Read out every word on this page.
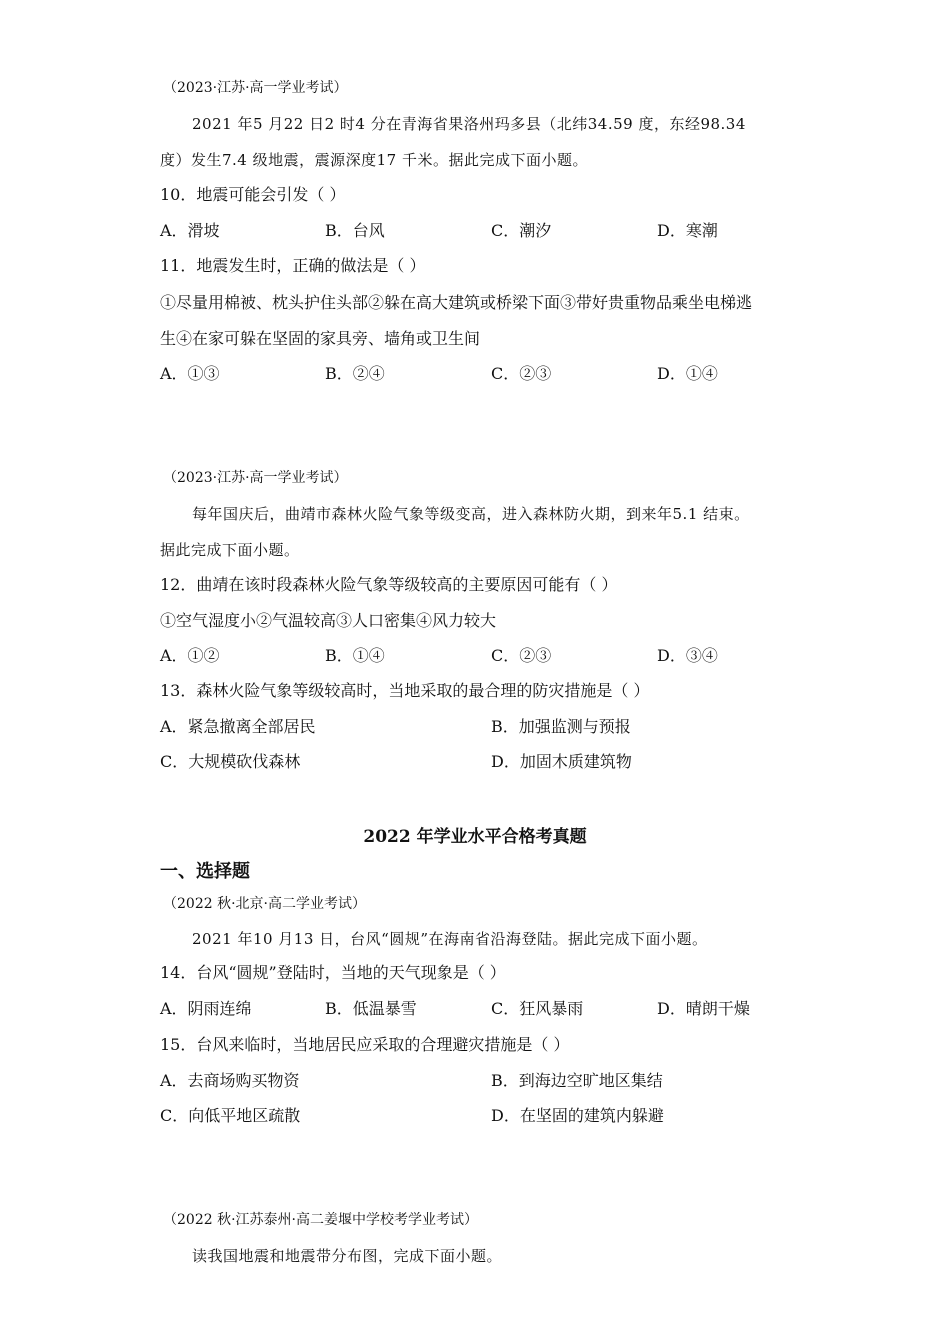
（2023·江苏·高一学业考试）
2021 年5 月22 日2 时4 分在青海省果洛州玛多县（北纬34.59 度，东经98.34
度）发生7.4 级地震，震源深度17 千米。据此完成下面小题。
10．地震可能会引发（ ）
A．滑坡	B．台风	C．潮汐	D．寒潮
11．地震发生时，正确的做法是（ ）
①尽量用棉被、枕头护住头部②躲在高大建筑或桥梁下面③带好贵重物品乘坐电梯逃
生④在家可躲在坚固的家具旁、墙角或卫生间
A．①③	B．②④	C．②③	D．①④
（2023·江苏·高一学业考试）
每年国庆后，曲靖市森林火险气象等级变高，进入森林防火期，到来年5.1 结束。
据此完成下面小题。
12．曲靖在该时段森林火险气象等级较高的主要原因可能有（ ）
①空气湿度小②气温较高③人口密集④风力较大
A．①②	B．①④	C．②③	D．③④
13．森林火险气象等级较高时，当地采取的最合理的防灾措施是（ ）
A．紧急撤离全部居民	B．加强监测与预报
C．大规模砍伐森林	D．加固木质建筑物
2022 年学业水平合格考真题
一、选择题
（2022 秋·北京·高二学业考试）
2021 年10 月13 日，台风“圆规”在海南省沿海登陆。据此完成下面小题。
14．台风“圆规”登陆时，当地的天气现象是（ ）
A．阴雨连绵	B．低温暴雪	C．狂风暴雨	D．晴朗干燥
15．台风来临时，当地居民应采取的合理避灾措施是（ ）
A．去商场购买物资	B．到海边空旷地区集结
C．向低平地区疏散	D．在坚固的建筑内躲避
（2022 秋·江苏泰州·高二姜堰中学校考学业考试）
读我国地震和地震带分布图，完成下面小题。
